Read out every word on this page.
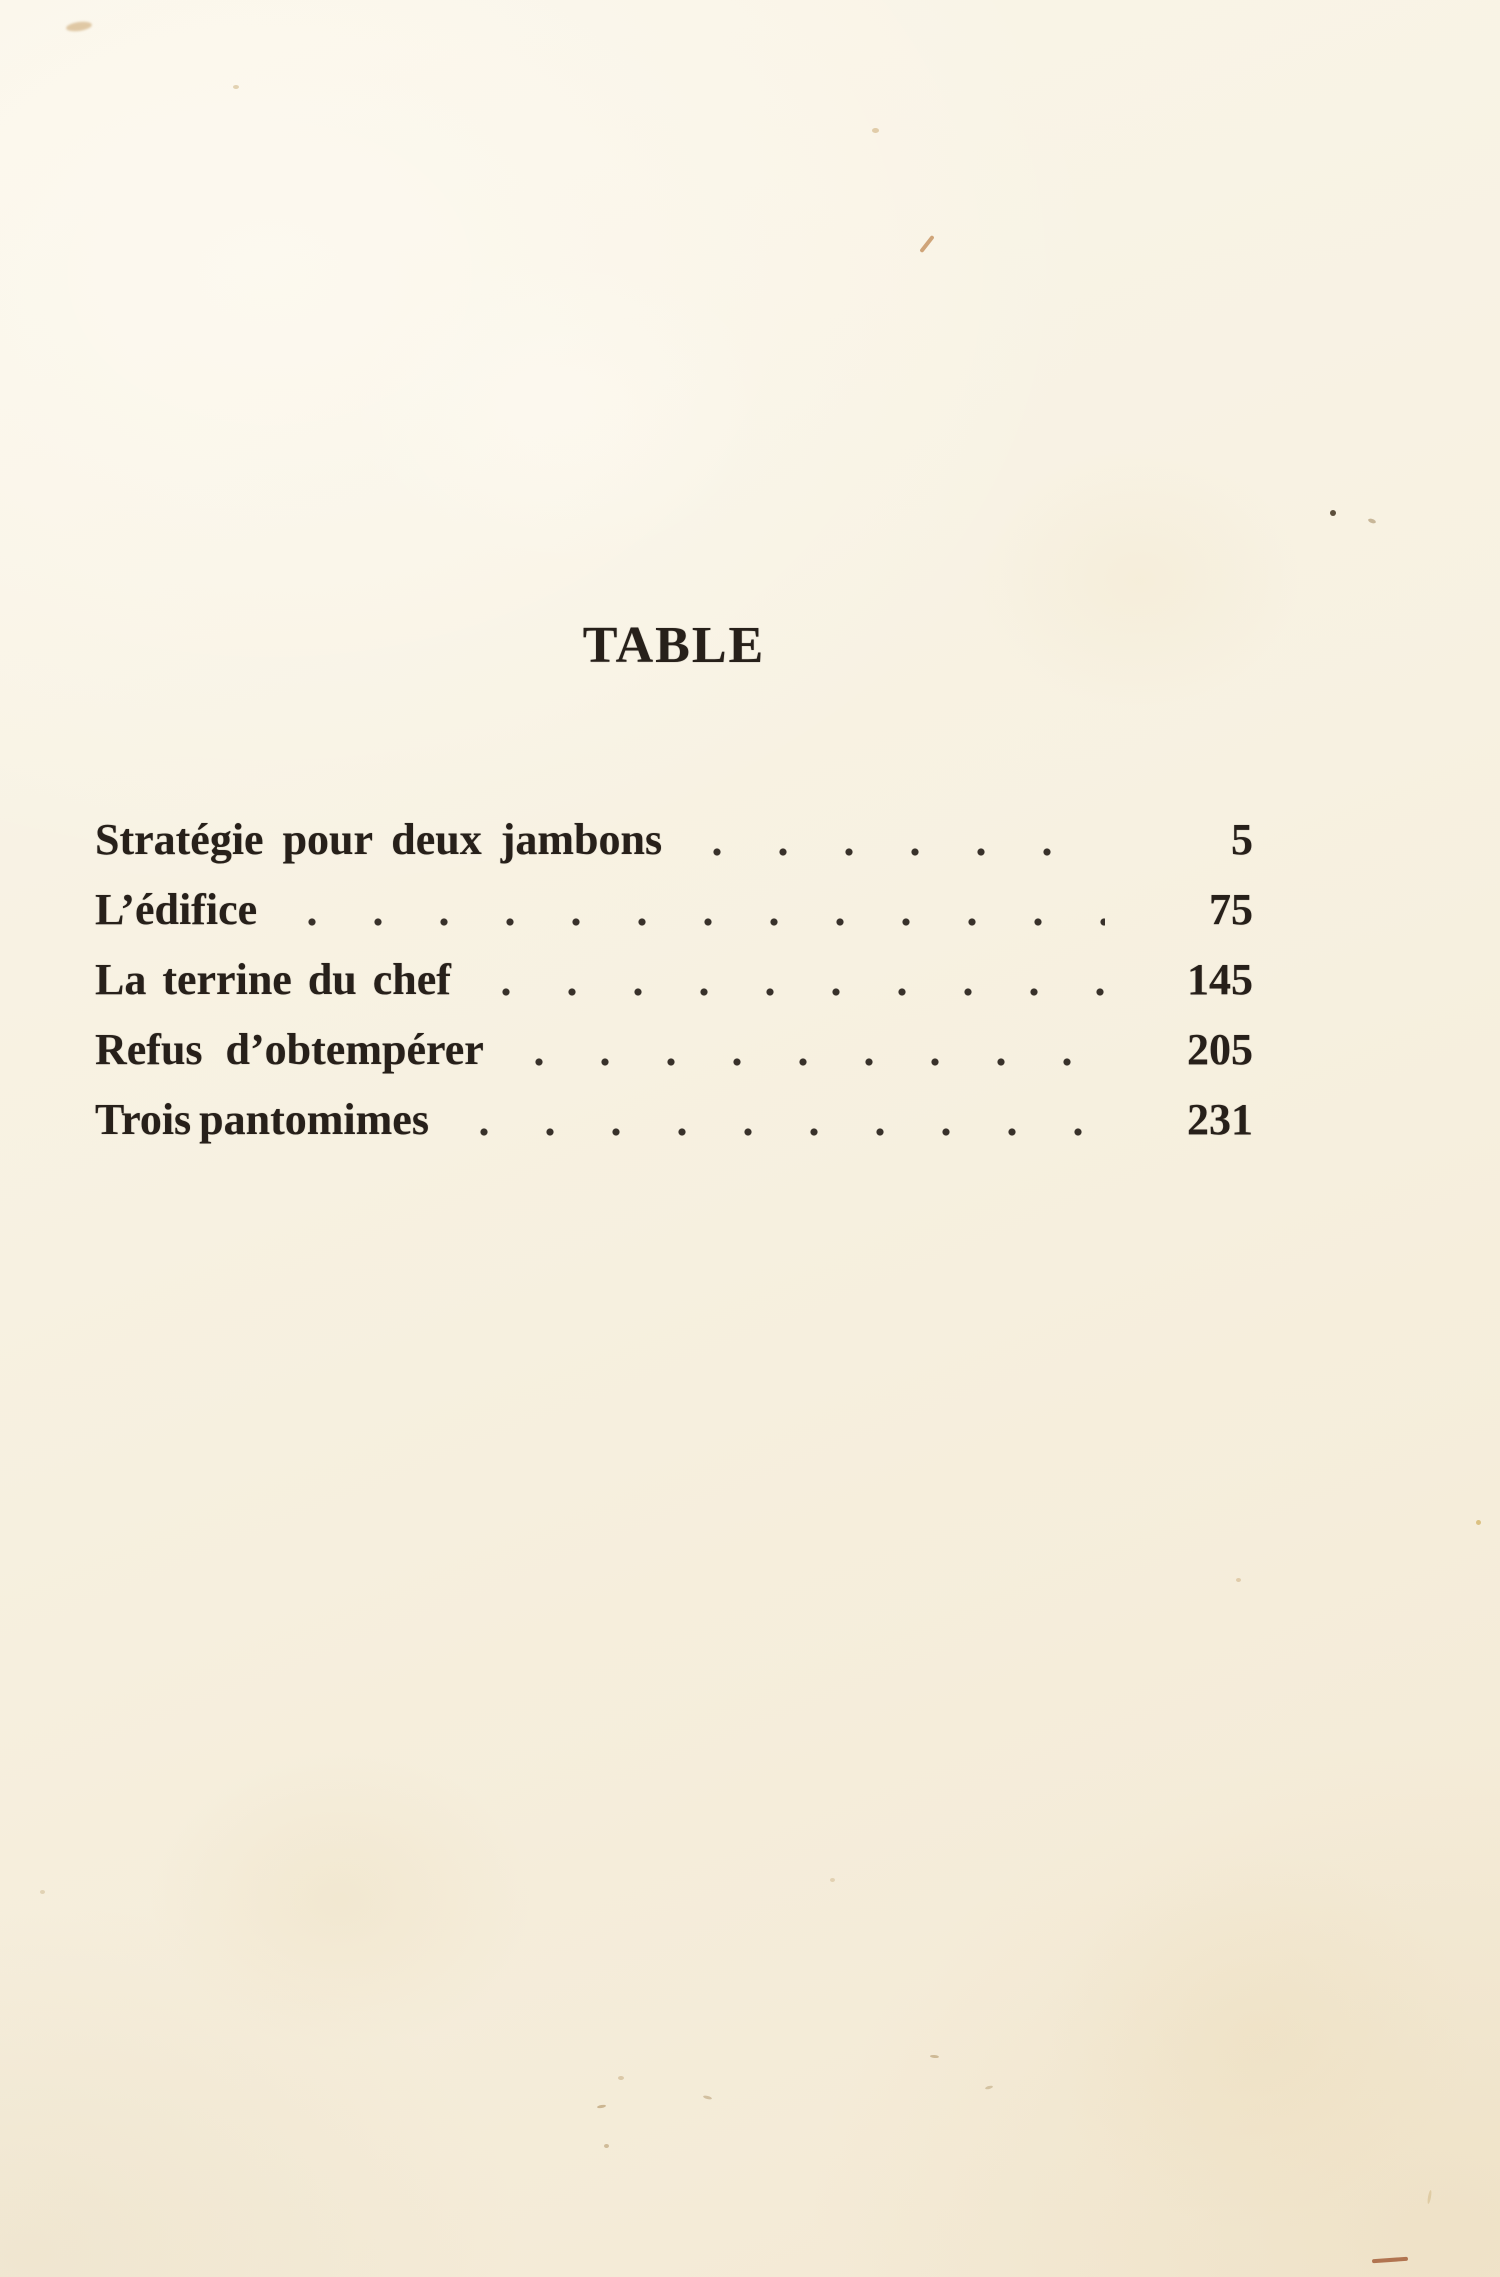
TABLE
Stratégie pour deux jambons	5
L’édifice	75
La terrine du chef	145
Refus d’obtempérer	205
Trois pantomimes	231
